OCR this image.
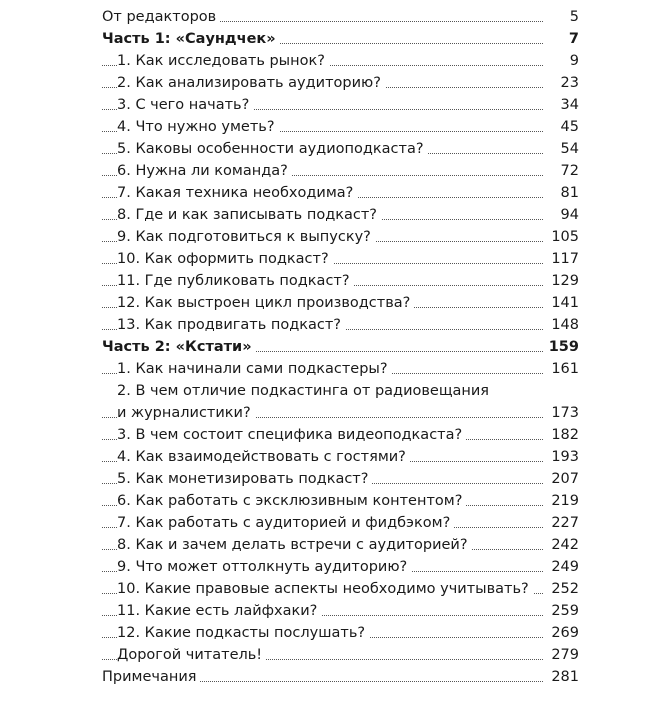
От редакторов	5
Часть 1: «Саундчек»	7
1. Как исследовать рынок?	9
2. Как анализировать аудиторию?	23
3. С чего начать?	34
4. Что нужно уметь?	45
5. Каковы особенности аудиоподкаста?	54
6. Нужна ли команда?	72
7. Какая техника необходима?	81
8. Где и как записывать подкаст?	94
9. Как подготовиться к выпуску?	105
10. Как оформить подкаст?	117
11. Где публиковать подкаст?	129
12. Как выстроен цикл производства?	141
13. Как продвигать подкаст?	148
Часть 2: «Кстати»	159
1. Как начинали сами подкастеры?	161
2. В чем отличие подкастинга от радиовещания
и журналистики?	173
3. В чем состоит специфика видеоподкаста?	182
4. Как взаимодействовать с гостями?	193
5. Как монетизировать подкаст?	207
6. Как работать с эксклюзивным контентом?	219
7. Как работать с аудиторией и фидбэком?	227
8. Как и зачем делать встречи с аудиторией?	242
9. Что может оттолкнуть аудиторию?	249
10. Какие правовые аспекты необходимо учитывать? 252
11. Какие есть лайфхаки?	259
12. Какие подкасты послушать?	269
Дорогой читатель!	279
Примечания	281
